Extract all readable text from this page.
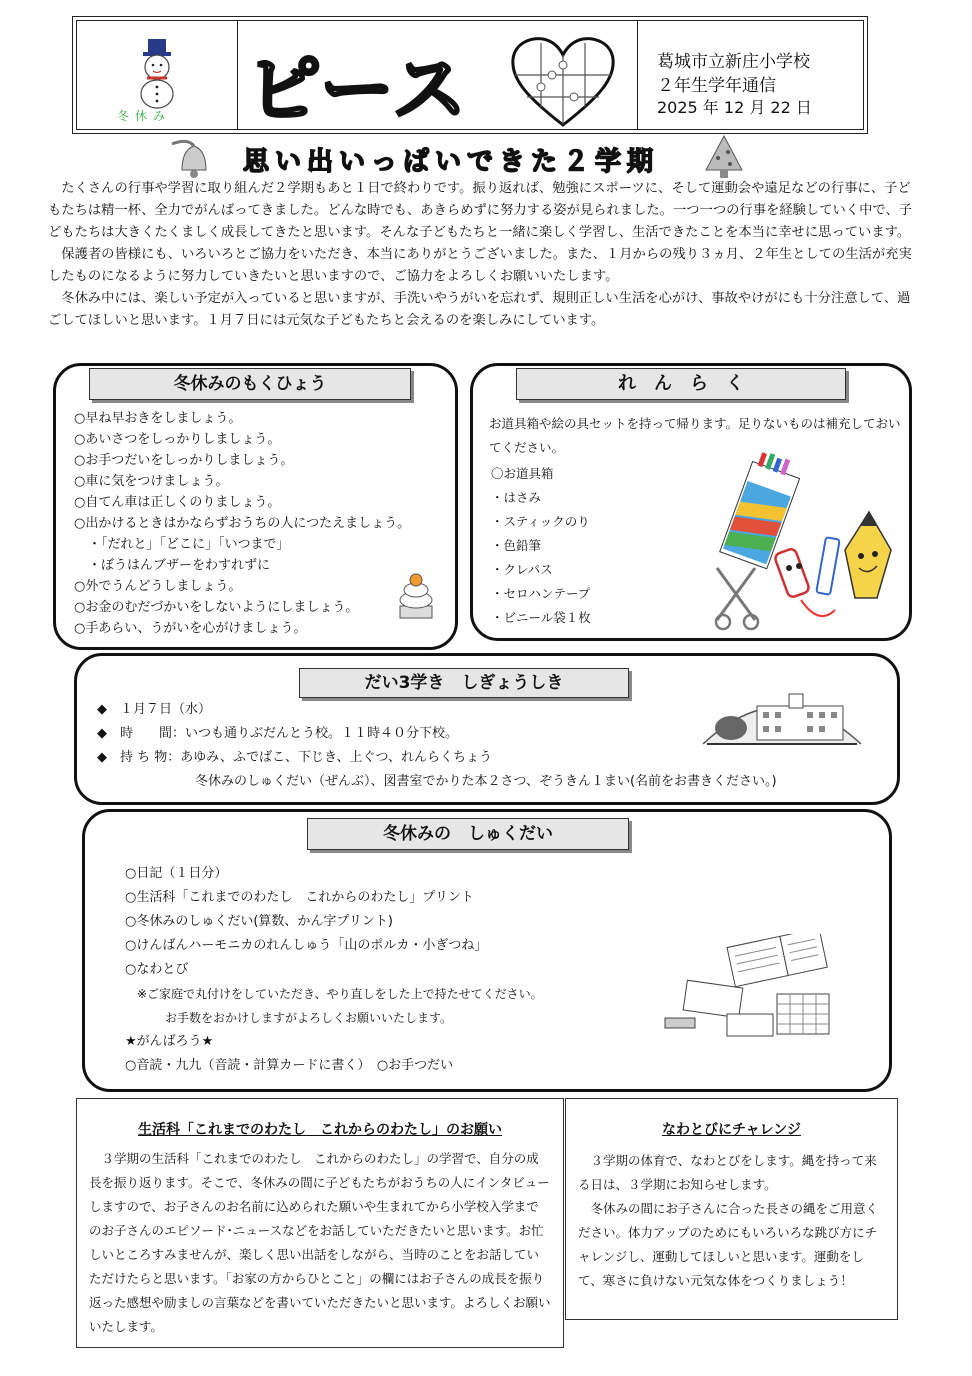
冬休み ピース	葛城市立新庄小学校
２年生学年通信
2025 年 12 月 22 日
思い出いっぱいできた２学期

たくさんの行事や学習に取り組んだ２学期もあと１日で終わりです。振り返れば、勉強にスポーツに、そして運動会や遠足などの行事に、子どもたちは精一杯、全力でがんばってきました。どんな時でも、あきらめずに努力する姿が見られました。一つ一つの行事を経験していく中で、子どもたちは大きくたくましく成長してきたと思います。そんな子どもたちと一緒に楽しく学習し、生活できたことを本当に幸せに思っています。

保護者の皆様にも、いろいろとご協力をいただき、本当にありがとうございました。また、１月からの残り３ヵ月、２年生としての生活が充実したものになるように努力していきたいと思いますので、ご協力をよろしくお願いいたします。

冬休み中には、楽しい予定が入っていると思いますが、手洗いやうがいを忘れず、規則正しい生活を心がけ、事故やけがにも十分注意して、過ごしてほしいと思います。１月７日には元気な子どもたちと会えるのを楽しみにしています。

冬休みのもくひょう
○早ね早おきをしましょう。
○あいさつをしっかりしましょう。
○お手つだいをしっかりしましょう。
○車に気をつけましょう。
○自てん車は正しくのりましょう。
○出かけるときはかならずおうちの人につたえましょう。
・「だれと」「どこに」「いつまで」
・ぼうはんブザーをわすれずに
○外でうんどうしましょう。
○お金のむだづかいをしないようにしましょう。
○手あらい、うがいを心がけましょう。
れ　ん　ら　く
お道具箱や絵の具セットを持って帰ります。足りないものは補充しておいてください。
〇お道具箱
・はさみ
・スティックのり
・色鉛筆
・クレパス
・セロハンテープ
・ビニール袋１枚
だい3学き　しぎょうしき
◆　１月７日（水）
◆　時　　間：いつも通りぶだんとう校。１１時４０分下校。
◆　持 ち 物：あゆみ、ふでばこ、下じき、上ぐつ、れんらくちょう
冬休みのしゅくだい（ぜんぶ）、図書室でかりた本２さつ、ぞうきん１まい(名前をお書きください。)
冬休みの　しゅくだい
○日記（１日分）
○生活科「これまでのわたし　これからのわたし」プリント
○冬休みのしゅくだい(算数、かん字プリント)
○けんばんハーモニカのれんしゅう「山のポルカ・小ぎつね」
○なわとび
※ご家庭で丸付けをしていただき、やり直しをした上で持たせてください。
お手数をおかけしますがよろしくお願いいたします。
★がんばろう★
○音読・九九（音読・計算カードに書く）　○お手つだい
生活科「これまでのわたし　これからのわたし」のお願い

３学期の生活科「これまでのわたし　これからのわたし」の学習で、自分の成長を振り返ります。そこで、冬休みの間に子どもたちがおうちの人にインタビューしますので、お子さんのお名前に込められた願いや生まれてから小学校入学までのお子さんのエピソード･ニュースなどをお話していただきたいと思います。お忙しいところすみませんが、楽しく思い出話をしながら、当時のことをお話していただけたらと思います。「お家の方からひとこと」の欄にはお子さんの成長を振り返った感想や励ましの言葉などを書いていただきたいと思います。よろしくお願いいたします。

なわとびにチャレンジ

３学期の体育で、なわとびをします。縄を持って来る日は、３学期にお知らせします。

冬休みの間にお子さんに合った長さの縄をご用意ください。体力アップのためにもいろいろな跳び方にチャレンジし、運動してほしいと思います。運動をして、寒さに負けない元気な体をつくりましょう！
